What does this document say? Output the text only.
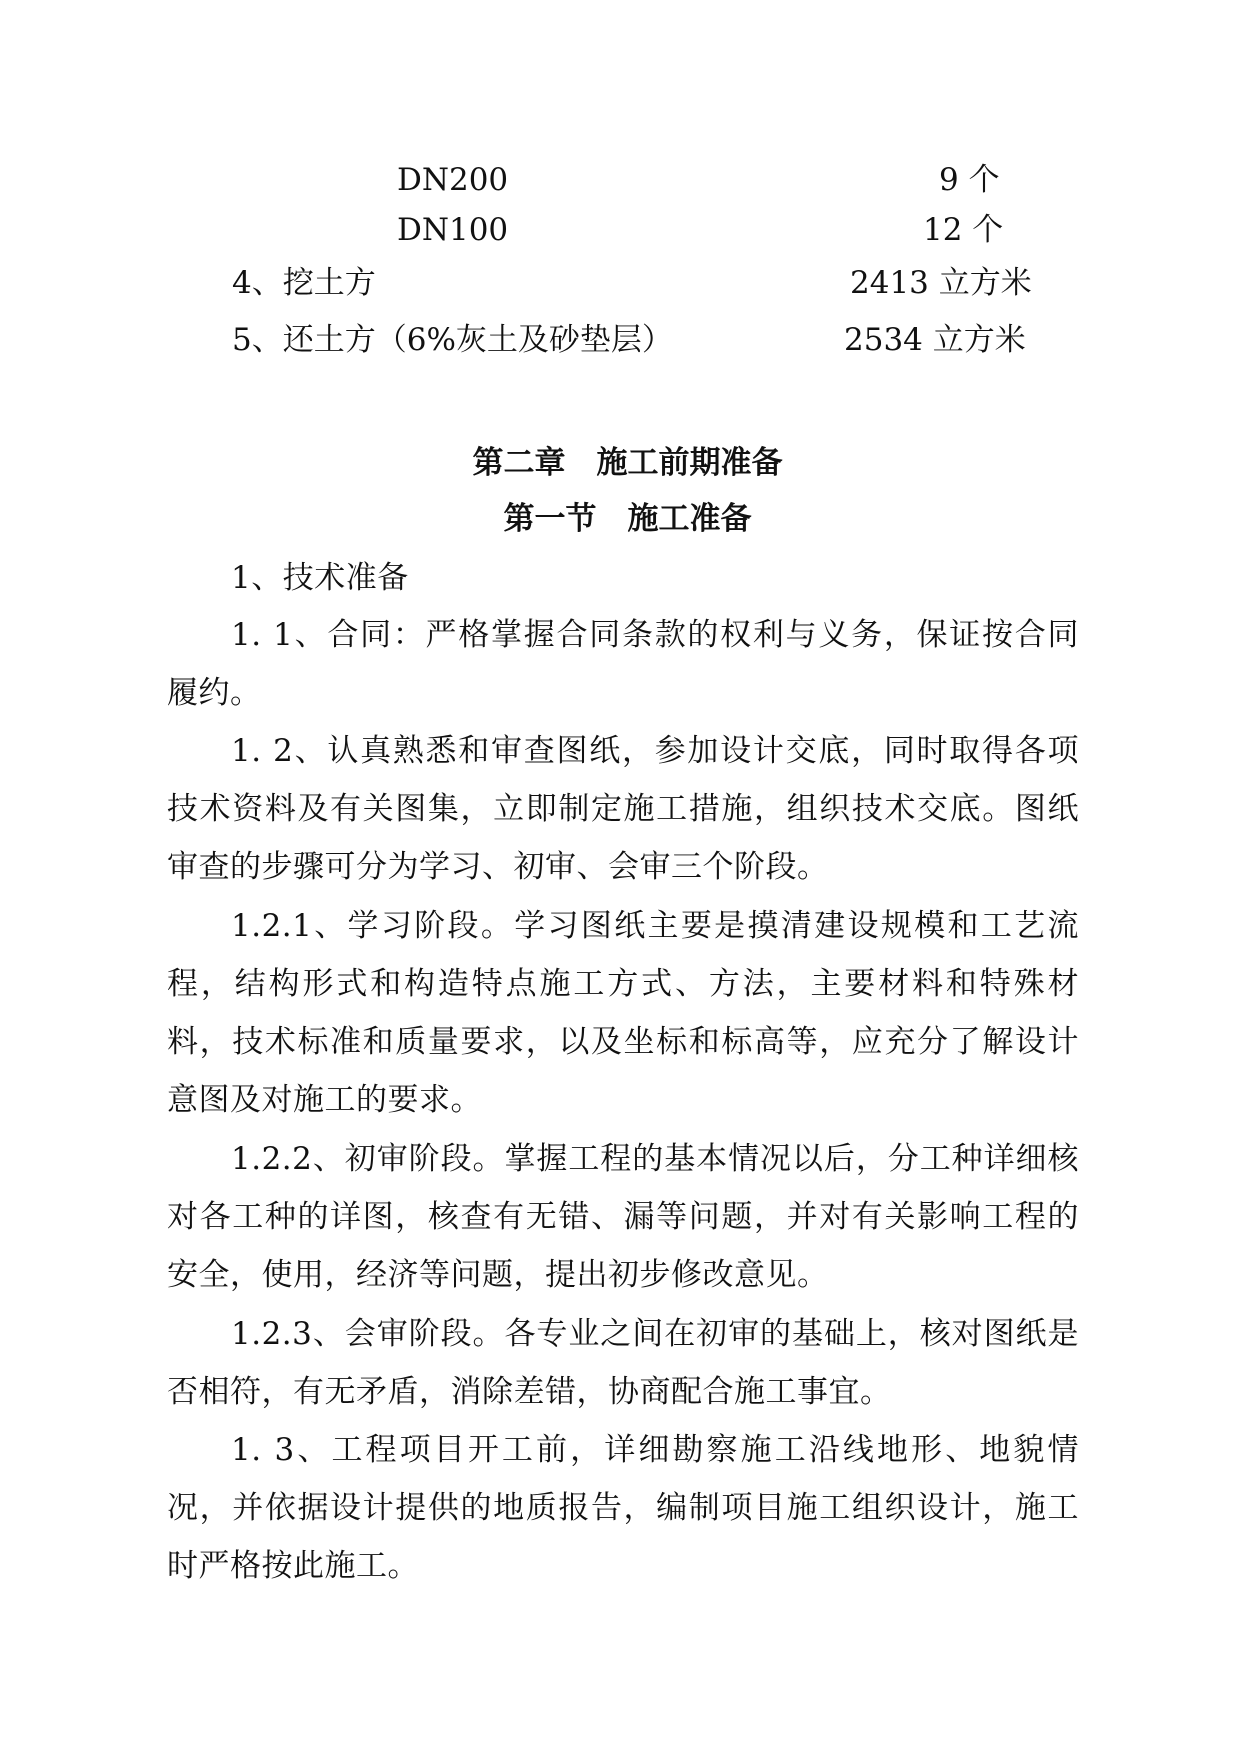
DN200	9 个
DN100	12 个
4、挖土方	2413 立方米
5、还土方（6%灰土及砂垫层）	2534 立方米
第二章　施工前期准备
第一节　施工准备
1、技术准备
1. 1、合同：严格掌握合同条款的权利与义务，保证按合同履约。
1. 2、认真熟悉和审查图纸，参加设计交底，同时取得各项技术资料及有关图集，立即制定施工措施，组织技术交底。图纸审查的步骤可分为学习、初审、会审三个阶段。
1.2.1、学习阶段。学习图纸主要是摸清建设规模和工艺流程，结构形式和构造特点施工方式、方法，主要材料和特殊材料，技术标准和质量要求，以及坐标和标高等，应充分了解设计意图及对施工的要求。
1.2.2、初审阶段。掌握工程的基本情况以后，分工种详细核对各工种的详图，核查有无错、漏等问题，并对有关影响工程的安全，使用，经济等问题，提出初步修改意见。
1.2.3、会审阶段。各专业之间在初审的基础上，核对图纸是否相符，有无矛盾，消除差错，协商配合施工事宜。
1. 3、工程项目开工前，详细勘察施工沿线地形、地貌情况，并依据设计提供的地质报告，编制项目施工组织设计，施工时严格按此施工。
